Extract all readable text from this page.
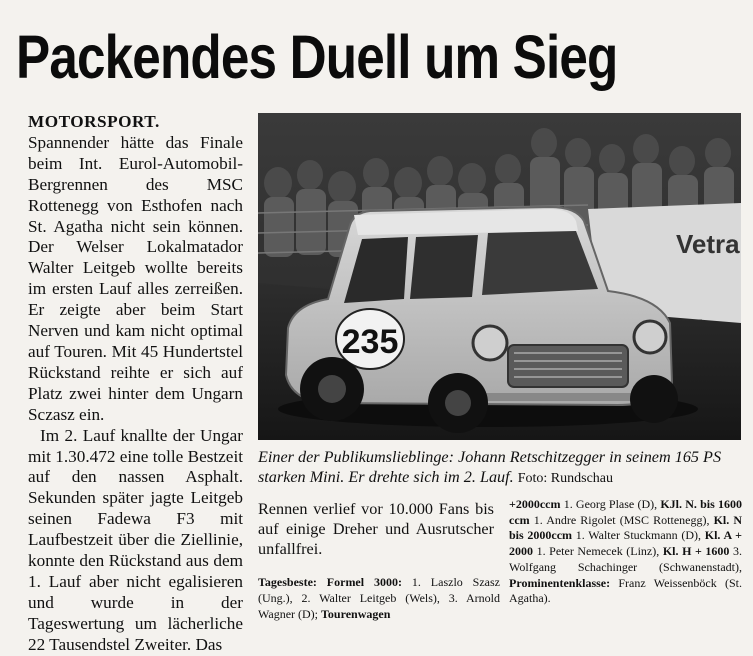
Packendes Duell um Sieg

MOTORSPORT. Spannender hätte das Finale beim Int. Eurol-Automobil-Bergrennen des MSC Rottenegg von Esthofen nach St. Agatha nicht sein können. Der Welser Lokalmatador Walter Leitgeb wollte bereits im ersten Lauf alles zerreißen. Er zeigte aber beim Start Nerven und kam nicht optimal auf Touren. Mit 45 Hundertstel Rückstand reihte er sich auf Platz zwei hinter dem Ungarn Sczasz ein.

Im 2. Lauf knallte der Ungar mit 1.30.472 eine tolle Bestzeit auf den nassen Asphalt. Sekunden später jagte Leitgeb seinen Fadewa F3 mit Laufbestzeit über die Ziellinie, konnte den Rückstand aus dem 1. Lauf aber nicht egalisieren und wurde in der Tageswertung um lächerliche 22 Tausendstel Zweiter. Das

Vetra
235
Einer der Publikumslieblinge: Johann Retschitzegger in seinem 165 PS starken Mini. Er drehte sich im 2. Lauf. Foto: Rundschau

Rennen verlief vor 10.000 Fans bis auf einige Dreher und Ausrutscher unfallfrei.

Tagesbeste: Formel 3000: 1. Laszlo Szasz (Ung.), 2. Walter Leitgeb (Wels), 3. Arnold Wagner (D); Tourenwagen
+2000ccm 1. Georg Plase (D), KJl. N. bis 1600 ccm 1. Andre Rigolet (MSC Rottenegg), Kl. N bis 2000ccm 1. Walter Stuckmann (D), Kl. A + 2000 1. Peter Nemecek (Linz), Kl. H + 1600 3. Wolfgang Schachinger (Schwanenstadt), Prominentenklasse: Franz Weissenböck (St. Agatha).
